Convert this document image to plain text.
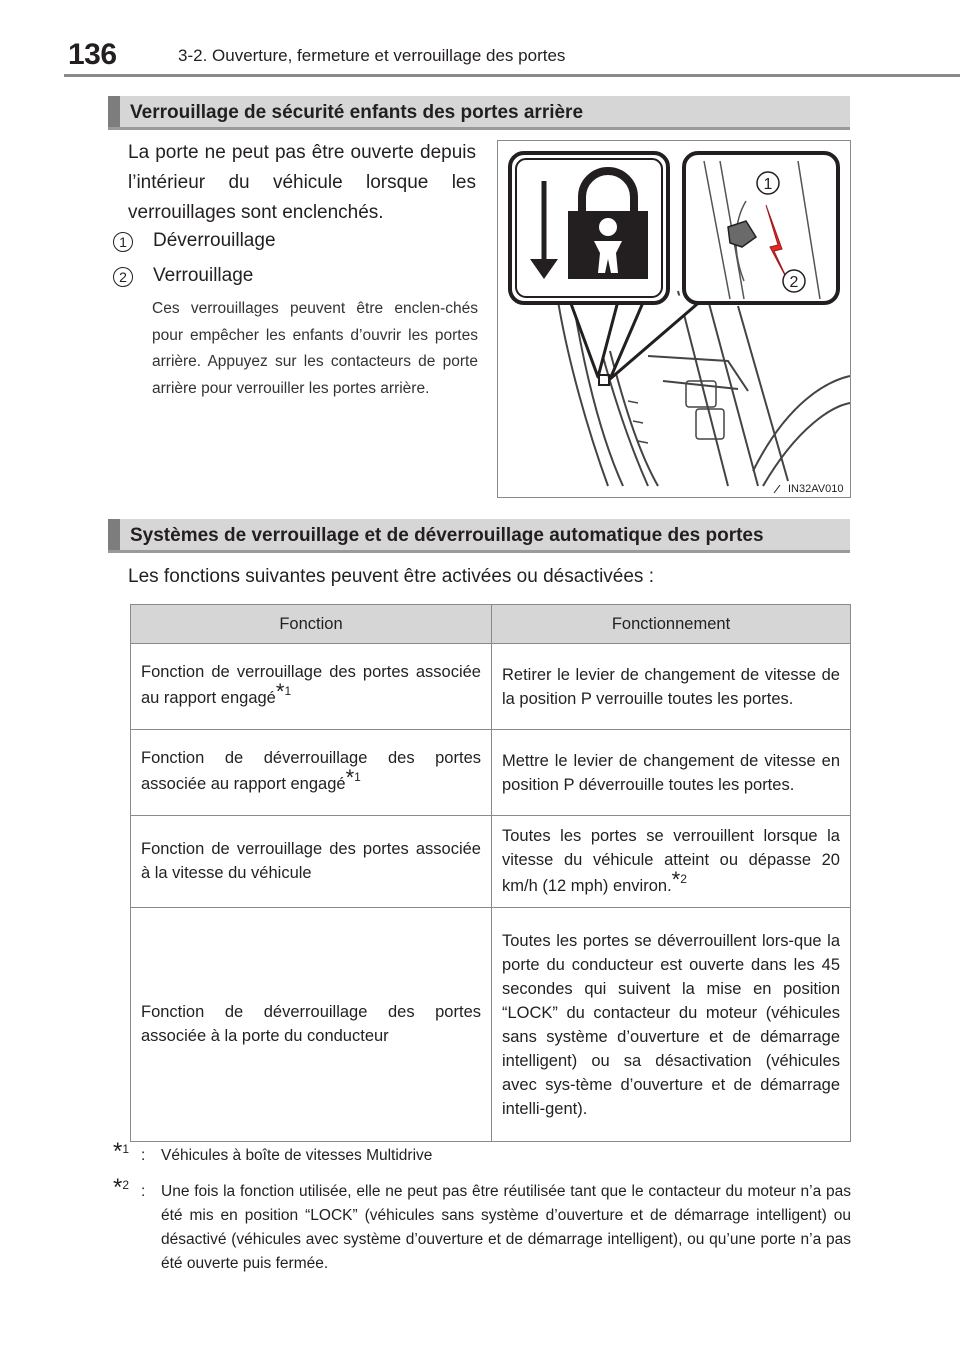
136	3-2. Ouverture, fermeture et verrouillage des portes
Verrouillage de sécurité enfants des portes arrière
La porte ne peut pas être ouverte depuis l’intérieur du véhicule lorsque les verrouillages sont enclenchés.
1	Déverrouillage
2	Verrouillage
Ces verrouillages peuvent être enclen-chés pour empêcher les enfants d’ouvrir les portes arrière. Appuyez sur les contacteurs de porte arrière pour verrouiller les portes arrière.
1
2
IN32AV010
Systèmes de verrouillage et de déverrouillage automatique des portes
Les fonctions suivantes peuvent être activées ou désactivées :
Fonction	Fonctionnement

Fonction de verrouillage des portes associée au rapport engagé*$^1$	Retirer le levier de changement de vitesse de la position P verrouille toutes les portes.

Fonction de déverrouillage des portes associée au rapport engagé*$^1$	Mettre le levier de changement de vitesse en position P déverrouille toutes les portes.

Fonction de verrouillage des portes associée à la vitesse du véhicule	Toutes les portes se verrouillent lorsque la vitesse du véhicule atteint ou dépasse 20 km/h (12 mph) environ.*$^2$

Fonction de déverrouillage des portes associée à la porte du conducteur	Toutes les portes se déverrouillent lors-que la porte du conducteur est ouverte dans les 45 secondes qui suivent la mise en position “LOCK” du contacteur du moteur (véhicules sans système d’ouverture et de démarrage intelligent) ou sa désactivation (véhicules avec sys-tème d’ouverture et de démarrage intelli-gent).
*$^1$ : Véhicules à boîte de vitesses Multidrive
*$^2$ : Une fois la fonction utilisée, elle ne peut pas être réutilisée tant que le contacteur du moteur n’a pas été mis en position “LOCK” (véhicules sans système d’ouverture et de démarrage intelligent) ou désactivé (véhicules avec système d’ouverture et de démarrage intelligent), ou qu’une porte n’a pas été ouverte puis fermée.
